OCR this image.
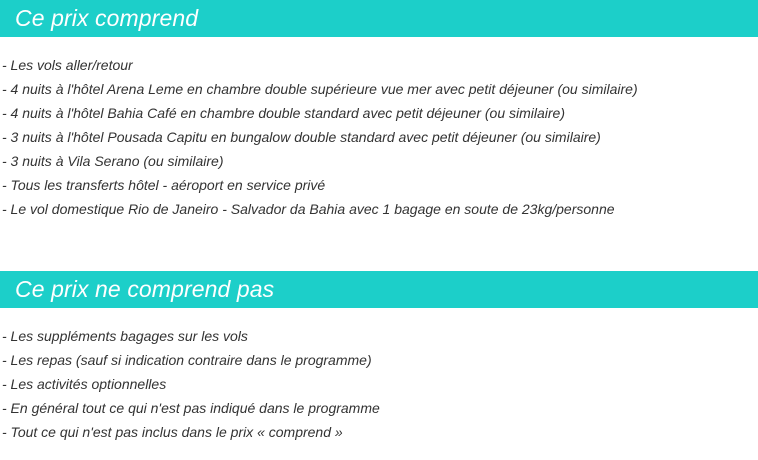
Ce prix comprend
- Les vols aller/retour
- 4 nuits à l'hôtel Arena Leme en chambre double supérieure vue mer avec petit déjeuner (ou similaire)
- 4 nuits à l'hôtel Bahia Café en chambre double standard avec petit déjeuner (ou similaire)
- 3 nuits à l'hôtel Pousada Capitu en bungalow double standard avec petit déjeuner (ou similaire)
- 3 nuits à Vila Serano (ou similaire)
- Tous les transferts hôtel - aéroport en service privé
- Le vol domestique Rio de Janeiro - Salvador da Bahia avec 1 bagage en soute de 23kg/personne
Ce prix ne comprend pas
- Les suppléments bagages sur les vols
- Les repas (sauf si indication contraire dans le programme)
- Les activités optionnelles
- En général tout ce qui n'est pas indiqué dans le programme
- Tout ce qui n'est pas inclus dans le prix « comprend »
